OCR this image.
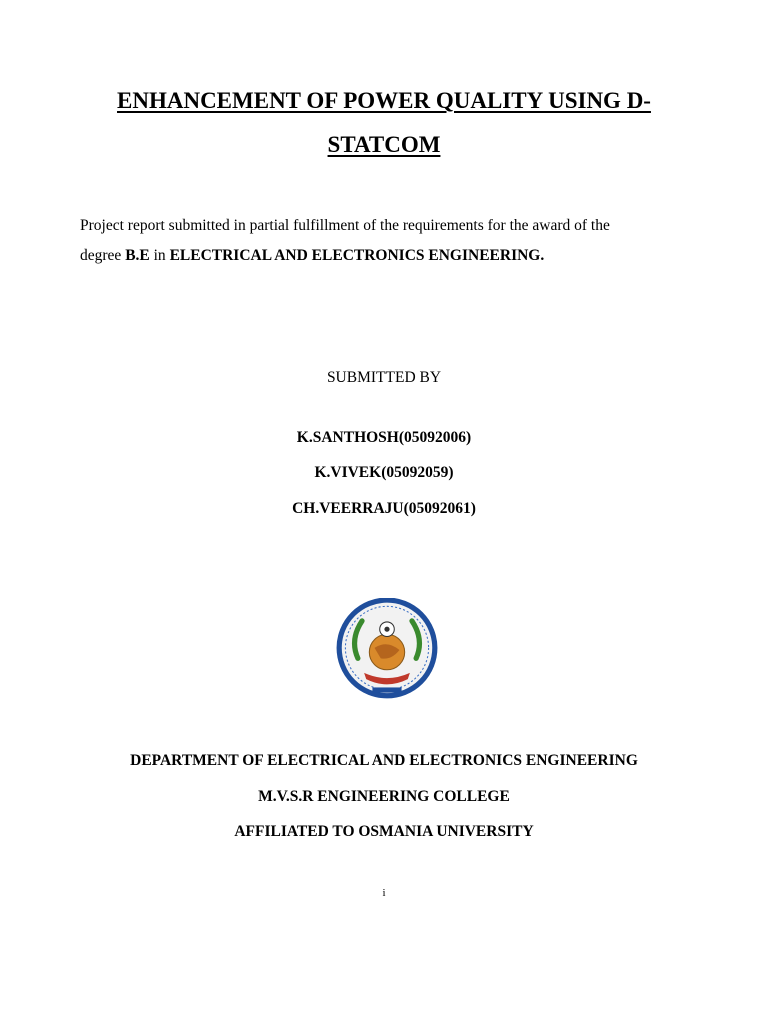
ENHANCEMENT OF POWER QUALITY USING D-
STATCOM
Project report submitted in partial fulfillment of the requirements for the award of the
degree B.E in ELECTRICAL AND ELECTRONICS ENGINEERING.
SUBMITTED BY
K.SANTHOSH(05092006)
K.VIVEK(05092059)
CH.VEERRAJU(05092061)
DEPARTMENT OF ELECTRICAL AND ELECTRONICS ENGINEERING
M.V.S.R ENGINEERING COLLEGE
AFFILIATED TO OSMANIA UNIVERSITY
i
